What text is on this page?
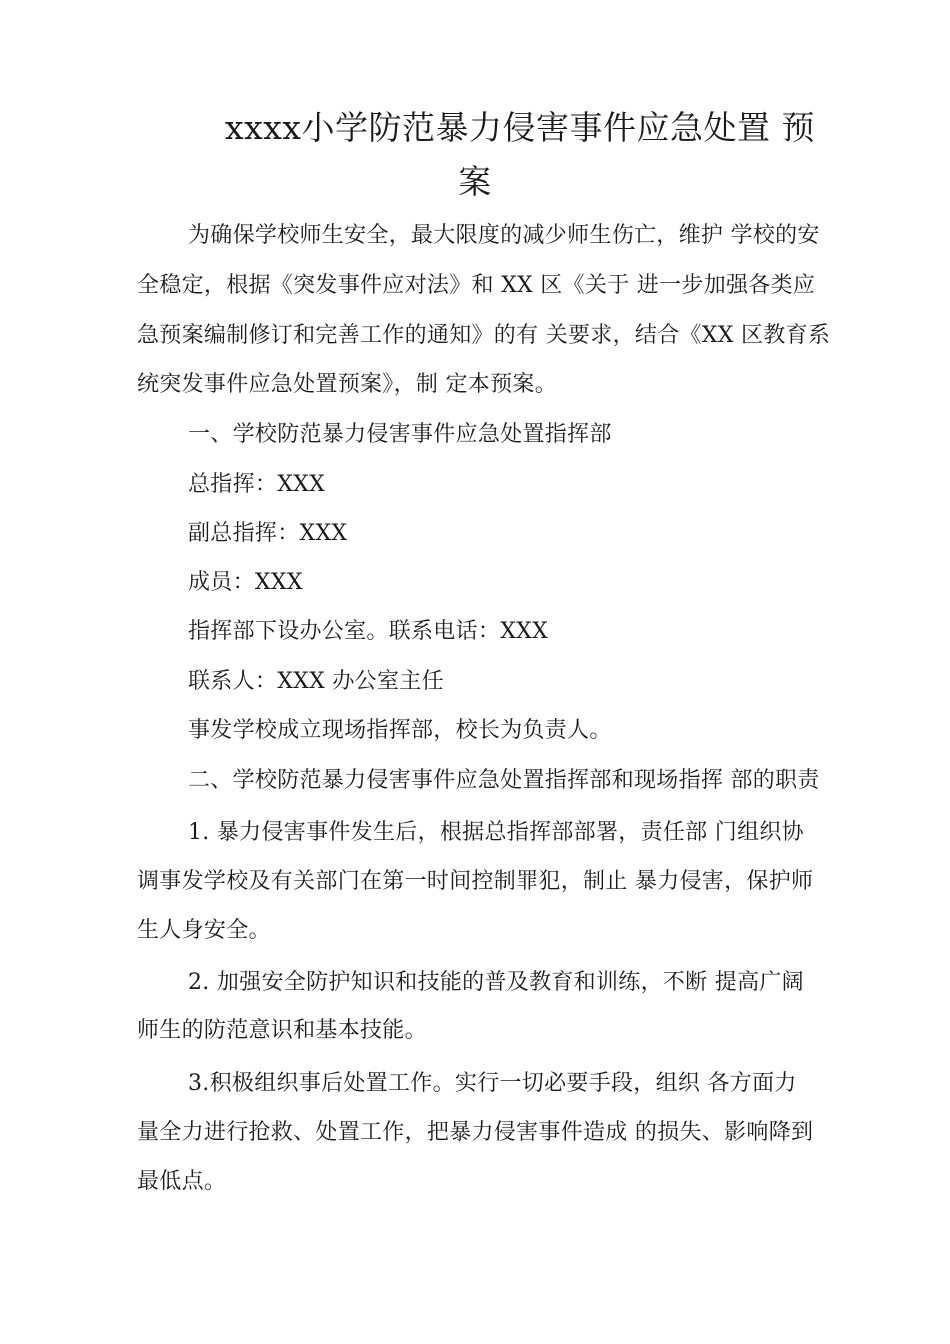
xxxx小学防范暴力侵害事件应急处置 预
案

为确保学校师生安全，最大限度的减少师生伤亡，维护 学校的安

全稳定，根据《突发事件应对法》和 XX 区《关于 进一步加强各类应

急预案编制修订和完善工作的通知》的有 关要求，结合《XX 区教育系

统突发事件应急处置预案》，制 定本预案。

一、学校防范暴力侵害事件应急处置指挥部

总指挥：XXX

副总指挥：XXX

成员：XXX

指挥部下设办公室。联系电话：XXX

联系人：XXX 办公室主任

事发学校成立现场指挥部，校长为负责人。

二、学校防范暴力侵害事件应急处置指挥部和现场指挥 部的职责

1. 暴力侵害事件发生后，根据总指挥部部署，责任部 门组织协

调事发学校及有关部门在第一时间控制罪犯，制止 暴力侵害，保护师

生人身安全。

2. 加强安全防护知识和技能的普及教育和训练，不断 提高广阔

师生的防范意识和基本技能。

3.积极组织事后处置工作。实行一切必要手段，组织 各方面力

量全力进行抢救、处置工作，把暴力侵害事件造成 的损失、影响降到

最低点。
